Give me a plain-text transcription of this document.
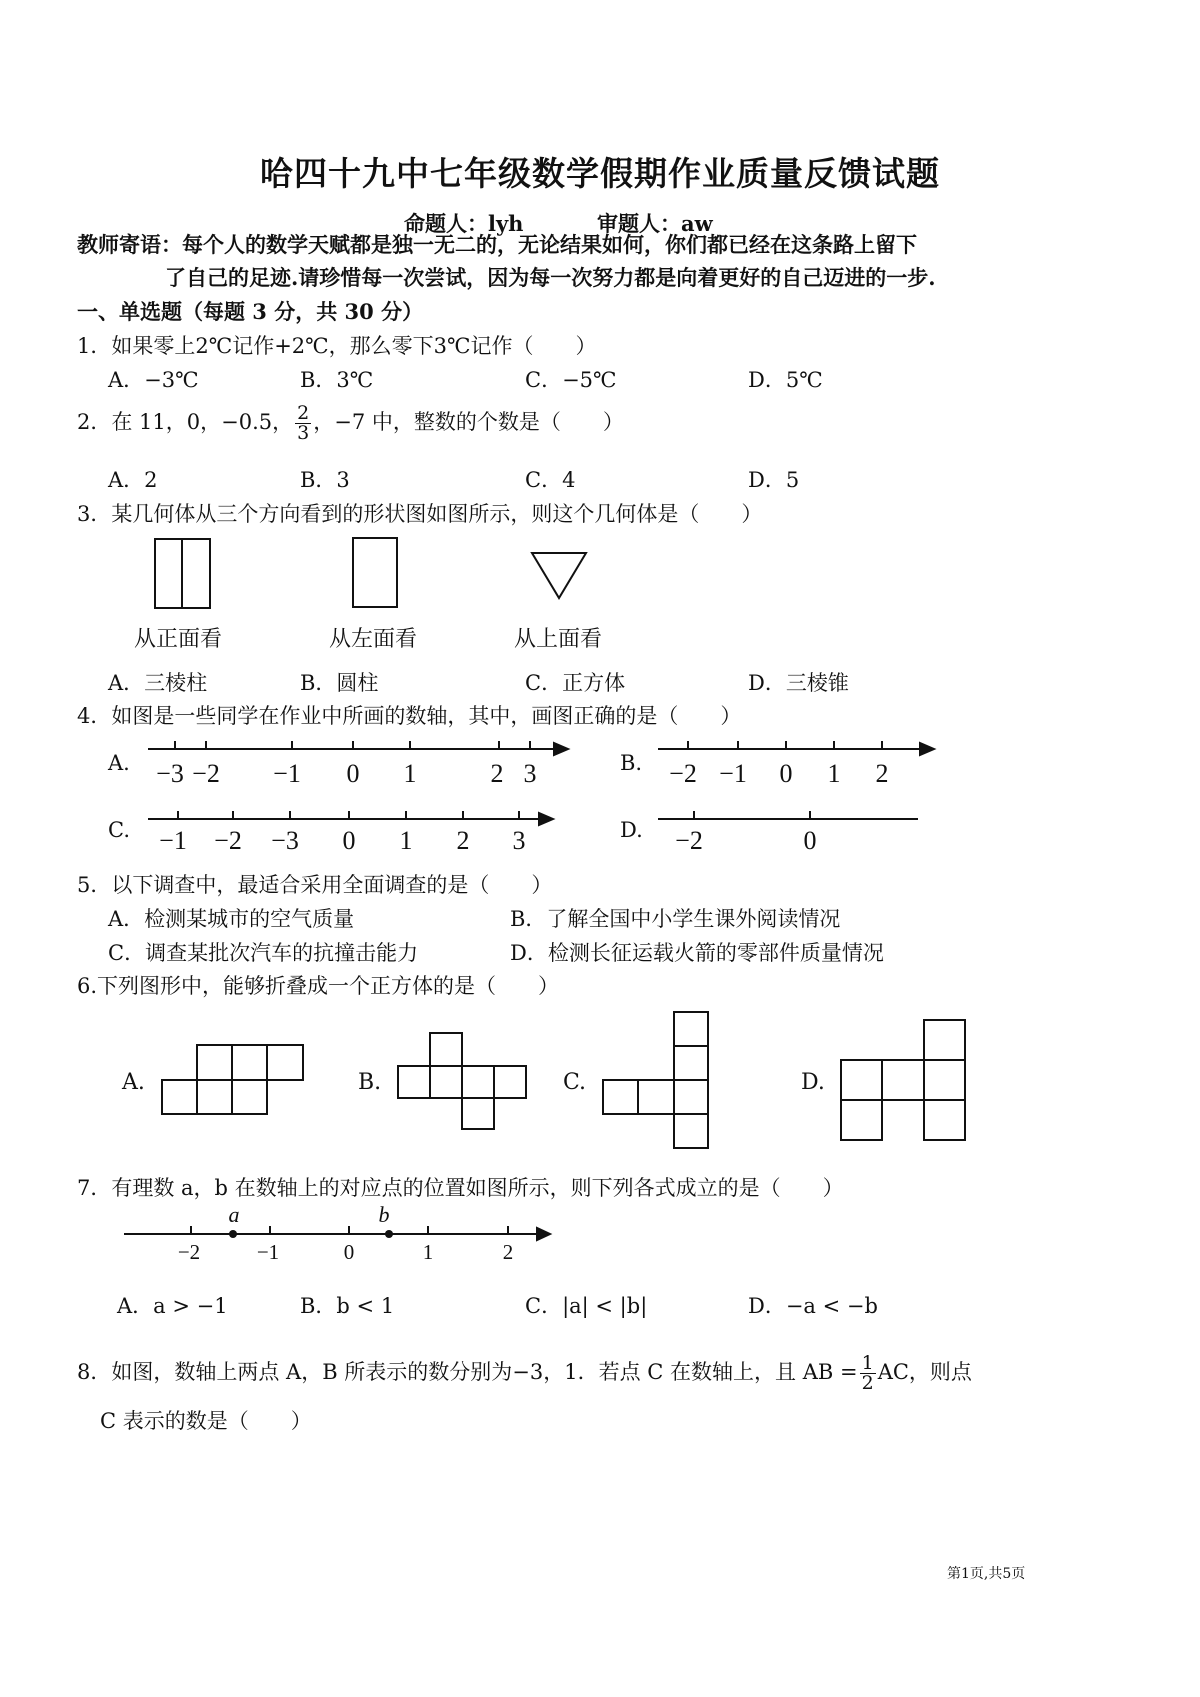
哈四十九中七年级数学假期作业质量反馈试题
命题人：lyh	审题人：aw
教师寄语：每个人的数学天赋都是独一无二的，无论结果如何，你们都已经在这条路上留下
了自己的足迹.请珍惜每一次尝试，因为每一次努力都是向着更好的自己迈进的一步.
一、单选题（每题 3 分，共 30 分）
1．如果零上2℃记作+2℃，那么零下3℃记作（　　）
A．−3℃	B．3℃	C．−5℃	D．5℃
2．在 11，0，−0.5， $\frac{2}{3}$ ，−7 中，整数的个数是（　　）
A．2	B．3	C．4	D．5
3．某几何体从三个方向看到的形状图如图所示，则这个几何体是（　　）
从正面看	从左面看	从上面看
A．三棱柱	B．圆柱	C．正方体	D．三棱锥
4．如图是一些同学在作业中所画的数轴，其中，画图正确的是（　　）
A.	B.
C.	D.
−3 −2 −1 0 1	2 3	−2 −1 0 1 2
−1 −2 −3 0 1 2 3	−2	0
5．以下调查中，最适合采用全面调查的是（　　）
A．检测某城市的空气质量	B．了解全国中小学生课外阅读情况
C．调查某批次汽车的抗撞击能力	D．检测长征运载火箭的零部件质量情况
6.下列图形中，能够折叠成一个正方体的是（　　）
A.	B.	C.	D.
7．有理数 a，b 在数轴上的对应点的位置如图所示，则下列各式成立的是（　　）
a	b
−2	−1	0	1	2
A．a > −1	B．b < 1	C．|a| < |b|	D．−a < −b
8．如图，数轴上两点 A，B 所表示的数分别为−3，1．若点 C 在数轴上，且 AB = $\frac{1}{2}$ AC，则点
C 表示的数是（　　）
第1页,共5页
